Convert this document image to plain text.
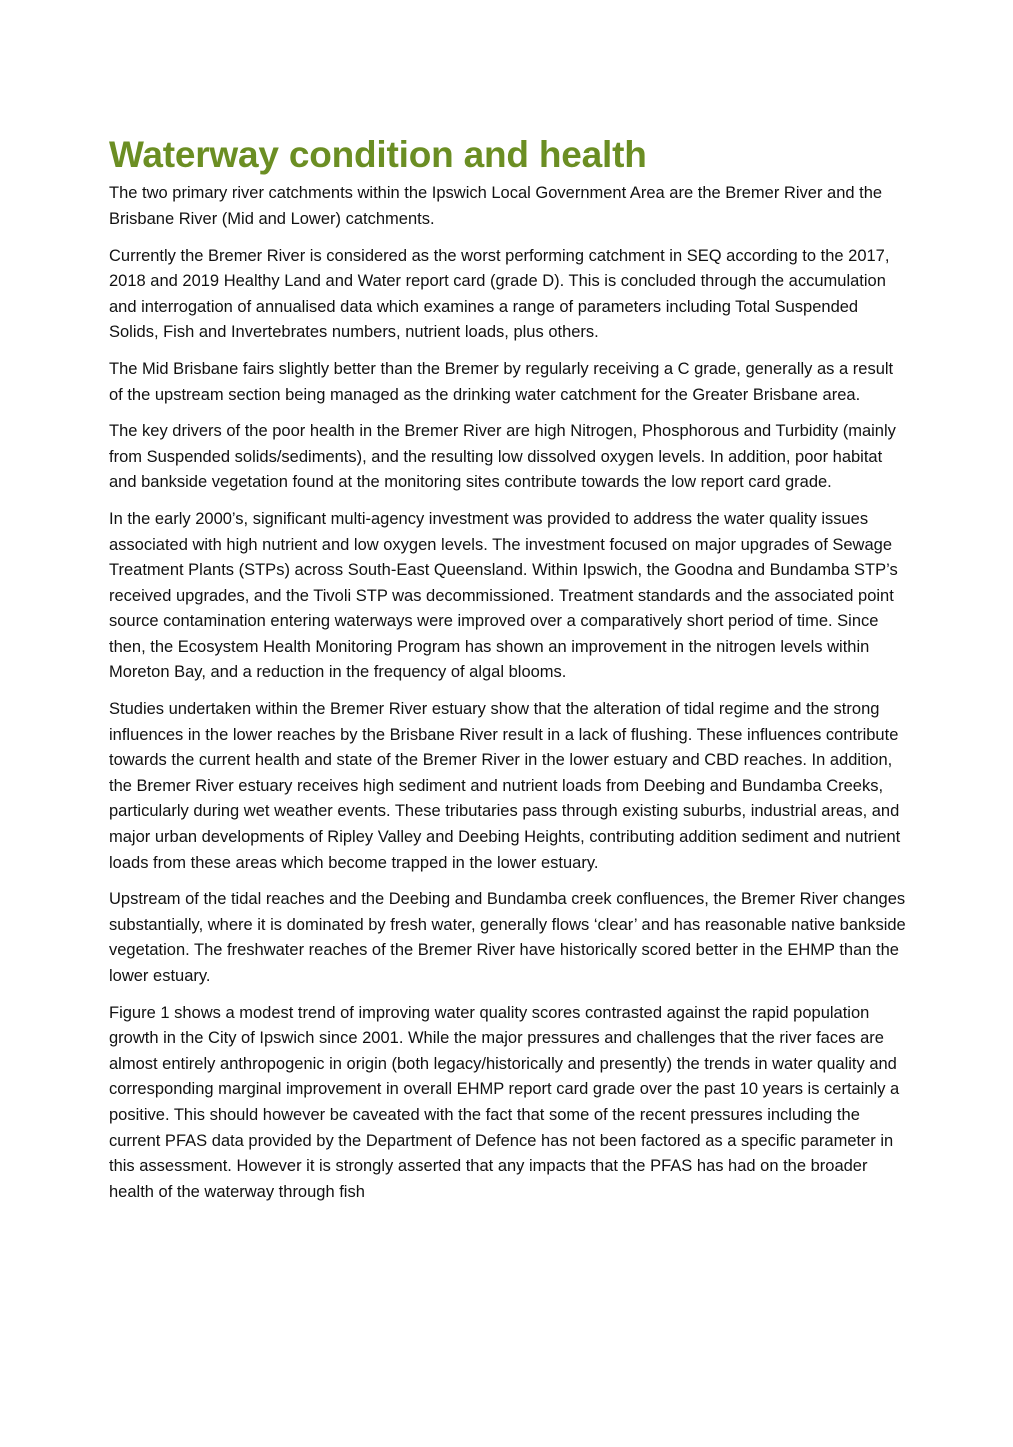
Waterway condition and health

The two primary river catchments within the Ipswich Local Government Area are the Bremer River and the Brisbane River (Mid and Lower) catchments.

Currently the Bremer River is considered as the worst performing catchment in SEQ according to the 2017, 2018 and 2019 Healthy Land and Water report card (grade D). This is concluded through the accumulation and interrogation of annualised data which examines a range of parameters including Total Suspended Solids, Fish and Invertebrates numbers, nutrient loads, plus others.

The Mid Brisbane fairs slightly better than the Bremer by regularly receiving a C grade, generally as a result of the upstream section being managed as the drinking water catchment for the Greater Brisbane area.

The key drivers of the poor health in the Bremer River are high Nitrogen, Phosphorous and Turbidity (mainly from Suspended solids/sediments), and the resulting low dissolved oxygen levels. In addition, poor habitat and bankside vegetation found at the monitoring sites contribute towards the low report card grade.

In the early 2000’s, significant multi-agency investment was provided to address the water quality issues associated with high nutrient and low oxygen levels. The investment focused on major upgrades of Sewage Treatment Plants (STPs) across South-East Queensland. Within Ipswich, the Goodna and Bundamba STP’s received upgrades, and the Tivoli STP was decommissioned. Treatment standards and the associated point source contamination entering waterways were improved over a comparatively short period of time. Since then, the Ecosystem Health Monitoring Program has shown an improvement in the nitrogen levels within Moreton Bay, and a reduction in the frequency of algal blooms.

Studies undertaken within the Bremer River estuary show that the alteration of tidal regime and the strong influences in the lower reaches by the Brisbane River result in a lack of flushing. These influences contribute towards the current health and state of the Bremer River in the lower estuary and CBD reaches. In addition, the Bremer River estuary receives high sediment and nutrient loads from Deebing and Bundamba Creeks, particularly during wet weather events. These tributaries pass through existing suburbs, industrial areas, and major urban developments of Ripley Valley and Deebing Heights, contributing addition sediment and nutrient loads from these areas which become trapped in the lower estuary.

Upstream of the tidal reaches and the Deebing and Bundamba creek confluences, the Bremer River changes substantially, where it is dominated by fresh water, generally flows ‘clear’ and has reasonable native bankside vegetation. The freshwater reaches of the Bremer River have historically scored better in the EHMP than the lower estuary.

Figure 1 shows a modest trend of improving water quality scores contrasted against the rapid population growth in the City of Ipswich since 2001. While the major pressures and challenges that the river faces are almost entirely anthropogenic in origin (both legacy/historically and presently) the trends in water quality and corresponding marginal improvement in overall EHMP report card grade over the past 10 years is certainly a positive. This should however be caveated with the fact that some of the recent pressures including the current PFAS data provided by the Department of Defence has not been factored as a specific parameter in this assessment. However it is strongly asserted that any impacts that the PFAS has had on the broader health of the waterway through fish
